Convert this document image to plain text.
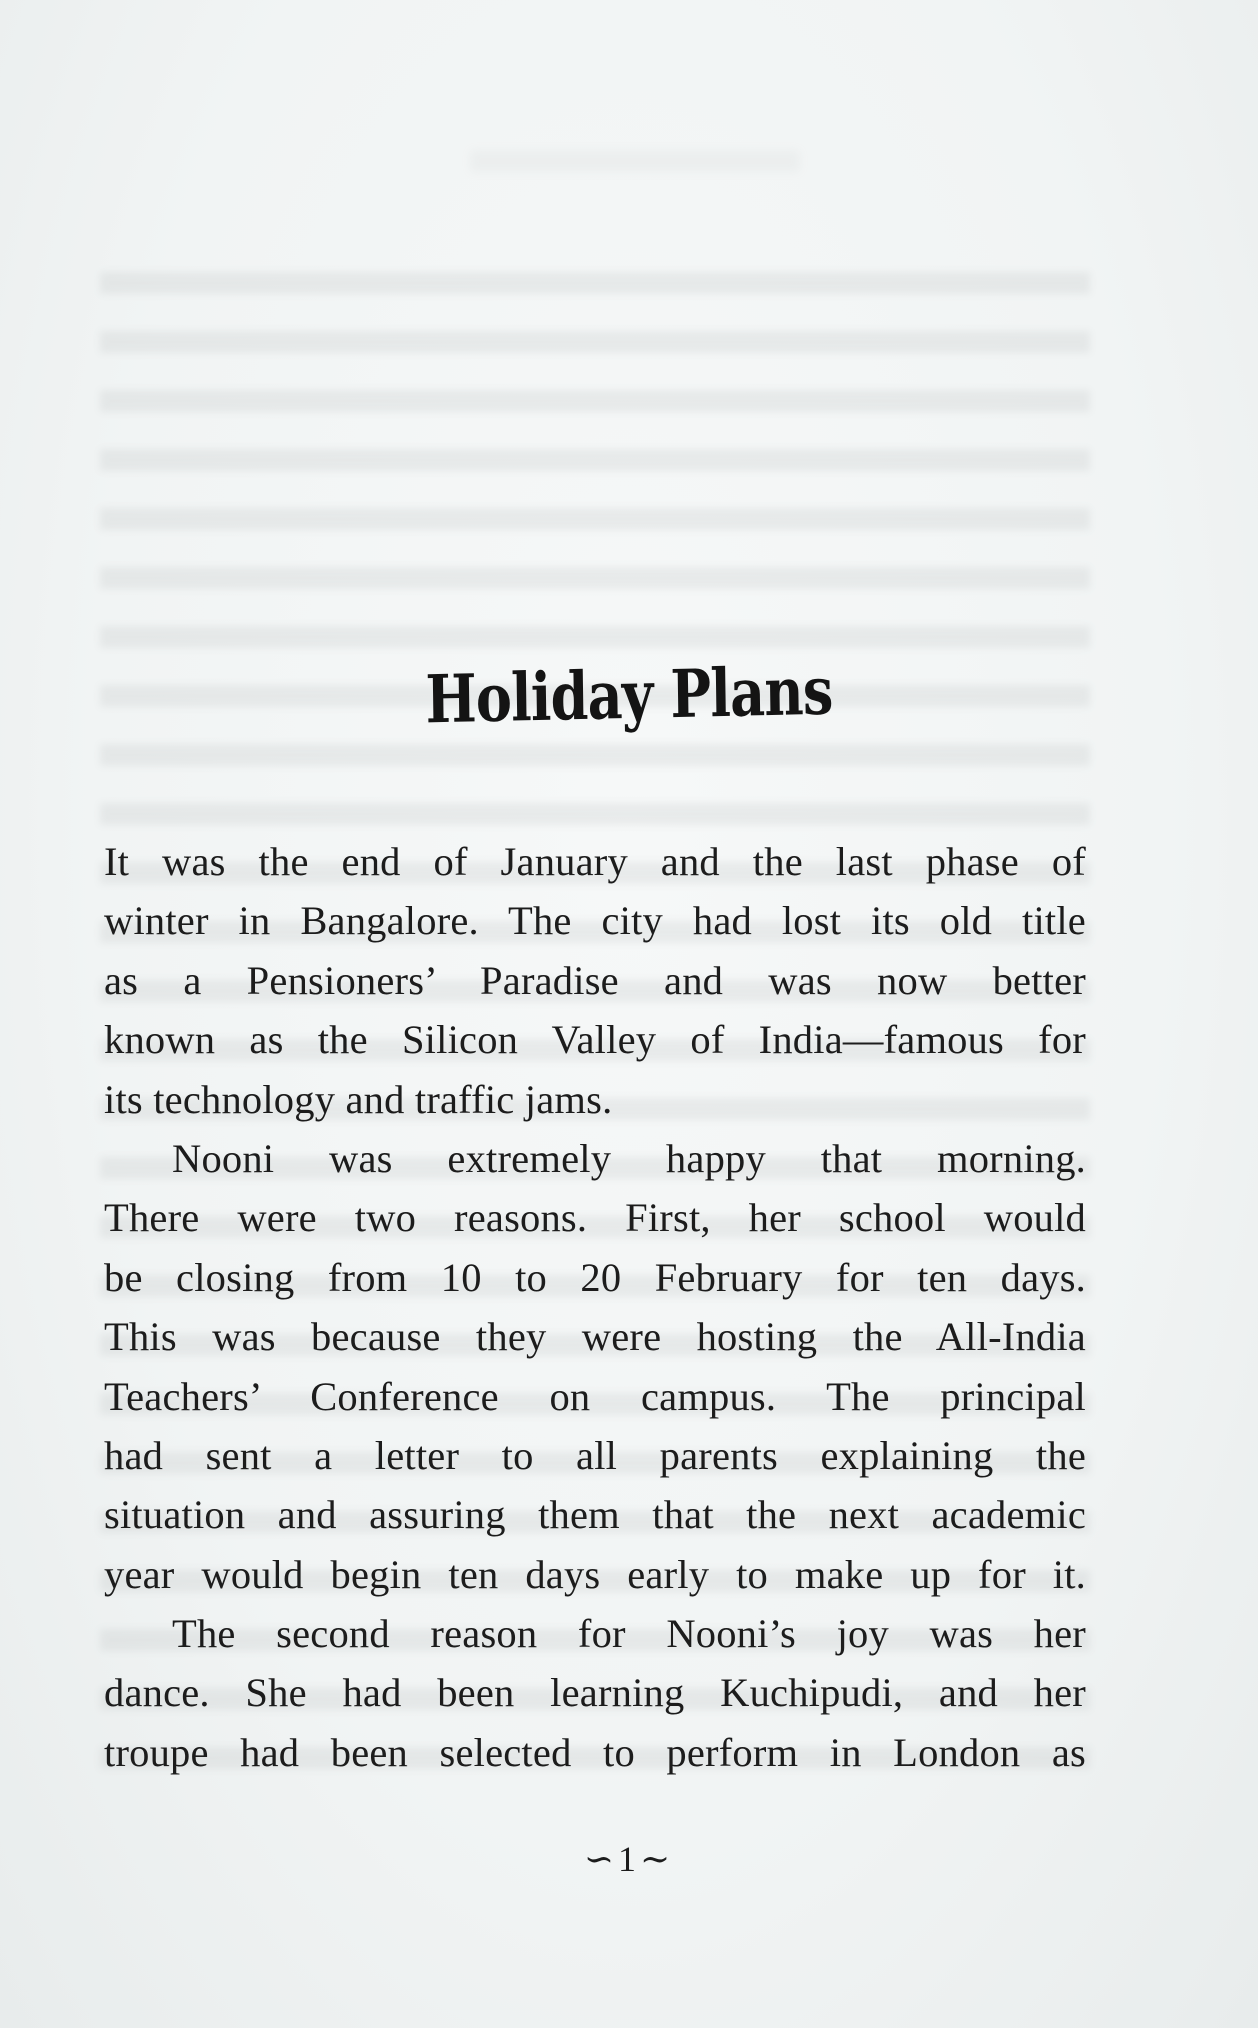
Holiday Plans
It was the end of January and the last phase of
winter in Bangalore. The city had lost its old title
as a Pensioners’ Paradise and was now better
known as the Silicon Valley of India—famous for
its technology and traffic jams.
Nooni was extremely happy that morning.
There were two reasons. First, her school would
be closing from 10 to 20 February for ten days.
This was because they were hosting the All-India
Teachers’ Conference on campus. The principal
had sent a letter to all parents explaining the
situation and assuring them that the next academic
year would begin ten days early to make up for it.
The second reason for Nooni’s joy was her
dance. She had been learning Kuchipudi, and her
troupe had been selected to perform in London as
∽1∼
